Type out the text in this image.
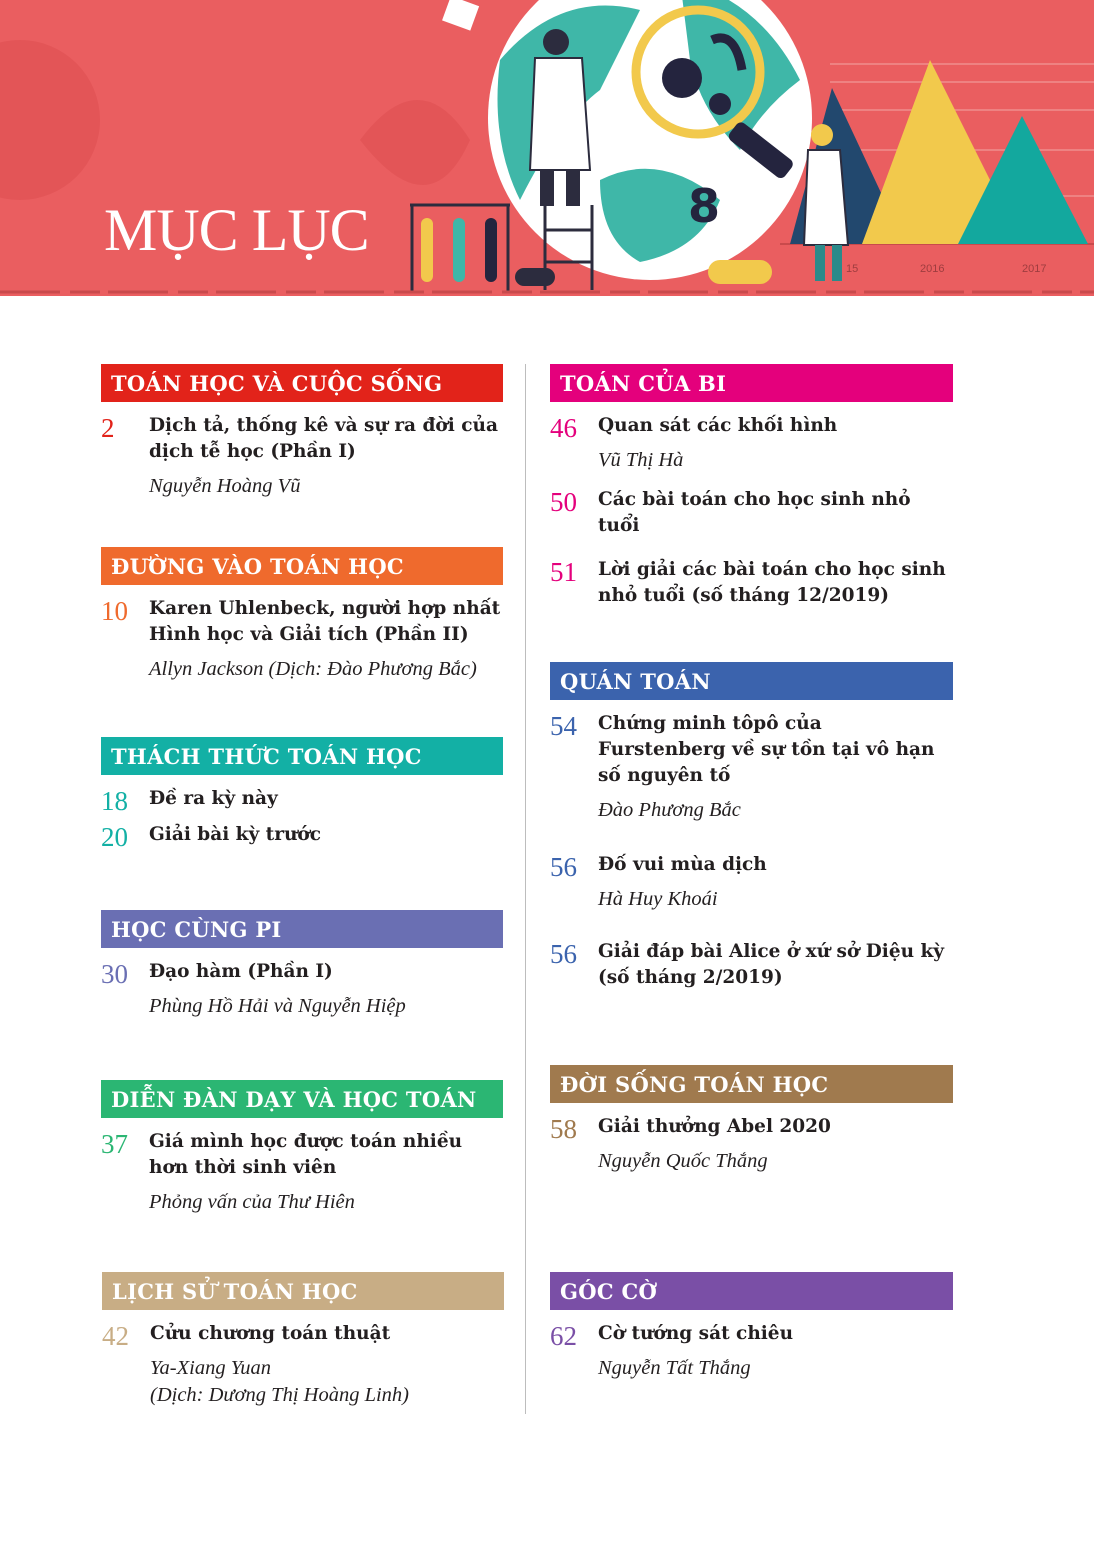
8
15	2016	2017
MỤC LỤC
TOÁN HỌC VÀ CUỘC SỐNG
2 Dịch tả, thống kê và sự ra đời của dịch tễ học (Phần I)
Nguyễn Hoàng Vũ
ĐƯỜNG VÀO TOÁN HỌC
10 Karen Uhlenbeck, người hợp nhất Hình học và Giải tích (Phần II)
Allyn Jackson (Dịch: Đào Phương Bắc)
THÁCH THỨC TOÁN HỌC
18 Đề ra kỳ này
20 Giải bài kỳ trước
HỌC CÙNG PI
30 Đạo hàm (Phần I)
Phùng Hồ Hải và Nguyễn Hiệp
DIỄN ĐÀN DẠY VÀ HỌC TOÁN
37 Giá mình học được toán nhiều hơn thời sinh viên
Phỏng vấn của Thư Hiên
LỊCH SỬ TOÁN HỌC
42 Cửu chương toán thuật
Ya-Xiang Yuan
(Dịch: Dương Thị Hoàng Linh)
TOÁN CỦA BI
46 Quan sát các khối hình
Vũ Thị Hà
50 Các bài toán cho học sinh nhỏ tuổi
51 Lời giải các bài toán cho học sinh nhỏ tuổi (số tháng 12/2019)
QUÁN TOÁN
54 Chứng minh tôpô của Furstenberg về sự tồn tại vô hạn số nguyên tố
Đào Phương Bắc
56 Đố vui mùa dịch
Hà Huy Khoái
56 Giải đáp bài Alice ở xứ sở Diệu kỳ (số tháng 2/2019)
ĐỜI SỐNG TOÁN HỌC
58 Giải thưởng Abel 2020
Nguyễn Quốc Thắng
GÓC CỜ
62 Cờ tướng sát chiêu
Nguyễn Tất Thắng
